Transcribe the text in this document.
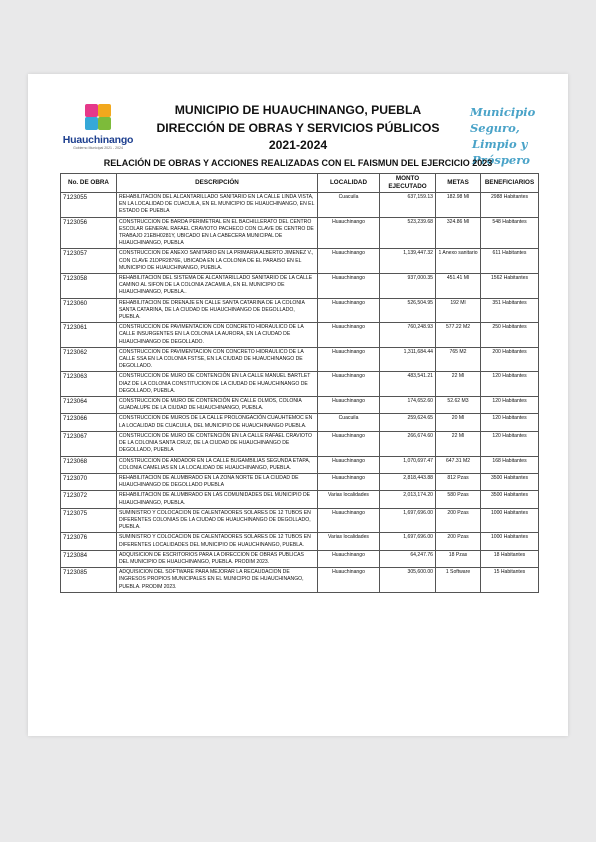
Huauchinango
Gobierno Municipal 2021 - 2024
MUNICIPIO DE HUAUCHINANGO, PUEBLA
DIRECCIÓN DE OBRAS Y SERVICIOS PÚBLICOS
2021-2024
Municipio Seguro,
Limpio y Próspero
RELACIÓN DE OBRAS Y ACCIONES REALIZADAS CON EL FAISMUN DEL EJERCICIO 2023
No. DE OBRA	DESCRIPCIÓN	LOCALIDAD	MONTO EJECUTADO	METAS	BENEFICIARIOS
7123055	REHABILITACION DEL ALCANTARILLADO SANITARIO EN LA CALLE LINDA VISTA, EN LA LOCALIDAD DE CUACUILA, EN EL MUNICIPIO DE HUAUCHINANGO, EN EL ESTADO DE PUEBLA	Cuacuila	637,159.13	182.98 Ml	2988 Habitantes
7123056	CONSTRUCCION DE BARDA PERIMETRAL EN EL BACHILLERATO DEL CENTRO ESCOLAR GENERAL RAFAEL CRAVIOTO PACHECO CON CLAVE DE CENTRO DE TRABAJO 21EBH0281Y, UBICADO EN LA CABECERA MUNICIPAL DE HUAUCHINANGO, PUEBLA	Huauchinango	523,239.68	324.86 Ml	548 Habitantes
7123057	CONSTRUCCION DE ANEXO SANITARIO EN LA PRIMARIA ALBERTO JIMENEZ V., CON CLAVE 21DPR2876E, UBICADA EN LA COLONIA DE EL PARAISO EN EL MUNICIPIO DE HUAUCHINANGO, PUEBLA.	Huauchinango	1,139,447.32	1 Anexo sanitario	611 Habitantes
7123058	REHABILITACION DEL SISTEMA DE ALCANTARILLADO SANITARIO DE LA CALLE CAMINO AL SIFON DE LA COLONIA ZACAMILA, EN EL MUNICIPIO DE HUAUCHINANGO, PUEBLA..	Huauchinango	937,000.35	451.41 Ml	1562 Habitantes
7123060	REHABILITACION DE DRENAJE EN CALLE SANTA CATARINA DE LA COLONIA SANTA CATARINA, DE LA CIUDAD DE HUAUCHINANGO DE DEGOLLADO, PUEBLA.	Huauchinango	526,504.95	192 Ml	351 Habitantes
7123061	CONSTRUCCION DE PAVIMENTACION CON CONCRETO HIDRAULICO DE LA CALLE INSURGENTES EN LA COLONIA LA AURORA, EN LA CIUDAD DE HUAUCHINANGO DE DEGOLLADO.	Huauchinango	760,248.93	577.22 M2	250 Habitantes
7123062	CONSTRUCCION DE PAVIMENTACION CON CONCRETO HIDRAULICO DE LA CALLE SSA EN LA COLONIA FSTSE, EN LA CIUDAD DE HUAUCHINANGO DE DEGOLLADO.	Huauchinango	1,311,684.44	765 M2	200 Habitantes
7123063	CONSTRUCCION DE MURO DE CONTENCIÓN EN LA CALLE MANUEL BARTLET DIAZ DE LA COLONIA CONSTITUCION DE LA CIUDAD DE HUAUCHINANGO DE DEGOLLADO, PUEBLA.	Huauchinango	483,541.21	22 Ml	120 Habitantes
7123064	CONSTRUCCION DE MURO DE CONTENCIÓN EN CALLE OLMOS, COLONIA GUADALUPE DE LA CIUDAD DE HUAUCHINANGO, PUEBLA.	Huauchinango	174,652.60	52.62 M3	120 Habitantes
7123066	CONSTRUCCION DE MUROS DE LA CALLE PROLONGACIÓN CUAUHTEMOC EN LA LOCALIDAD DE CUACUILA, DEL MUNICIPIO DE HUAUCHINANGO PUEBLA.	Cuacuila	259,624.65	20 Ml	120 Habitantes
7123067	CONSTRUCCION DE MURO DE CONTENCIÓN EN LA CALLE RAFAEL CRAVIOTO DE LA COLONIA SANTA CRUZ, DE LA CIUDAD DE HUAUCHINANGO DE DEGOLLADO, PUEBLA	Huauchinango	266,674.60	22 Ml	120 Habitantes
7123068	CONSTRUCCION DE ANDADOR EN LA CALLE BUGAMBILIAS SEGUNDA ETAPA, COLONIA CAMELIAS EN LA LOCALIDAD DE HUAUCHINANGO, PUEBLA.	Huauchinango	1,070,697.47	647.31 M2	168 Habitantes
7123070	REHABILITACION DE ALUMBRADO EN LA ZONA NORTE DE LA CIUDAD DE HUAUCHINANGO DE DEGOLLADO PUEBLA	Huauchinango	2,818,443.88	812 Pzas	3500 Habitantes
7123072	REHABILITACION DE ALUMBRADO EN LAS COMUNIDADES DEL MUNICIPIO DE HUAUCHINANGO, PUEBLA.	Varias localidades	2,013,174.20	580 Pzas	3500 Habitantes
7123075	SUMINISTRO Y COLOCACION DE CALENTADORES SOLARES DE 12 TUBOS EN DIFERENTES COLONIAS DE LA CIUDAD DE HUAUCHINANGO DE DEGOLLADO, PUEBLA.	Huauchinango	1,697,696.00	200 Pzas	1000 Habitantes
7123076	SUMINISTRO Y COLOCACION DE CALENTADORES SOLARES DE 12 TUBOS EN DIFERENTES LOCALIDADES DEL MUNICIPIO DE HUAUCHINANGO, PUEBLA.	Varias localidades	1,697,696.00	200 Pzas	1000 Habitantes
7123084	ADQUISICION DE ESCRITORIOS PARA LA DIRECCION DE OBRAS PUBLICAS DEL MUNICIPIO DE HUAUCHINANGO, PUEBLA. PRODIM 2023.	Huauchinango	64,247.76	18 Pzas	18 Habitantes
7123085	ADQUISICION DEL SOFTWARE PARA MEJORAR LA RECAUDACION DE INGRESOS PROPIOS MUNICIPALES EN EL MUNICIPIO DE HUAUCHINANGO, PUEBLA. PRODIM 2023.	Huauchinango	305,600.00	1 Software	15 Habitantes
